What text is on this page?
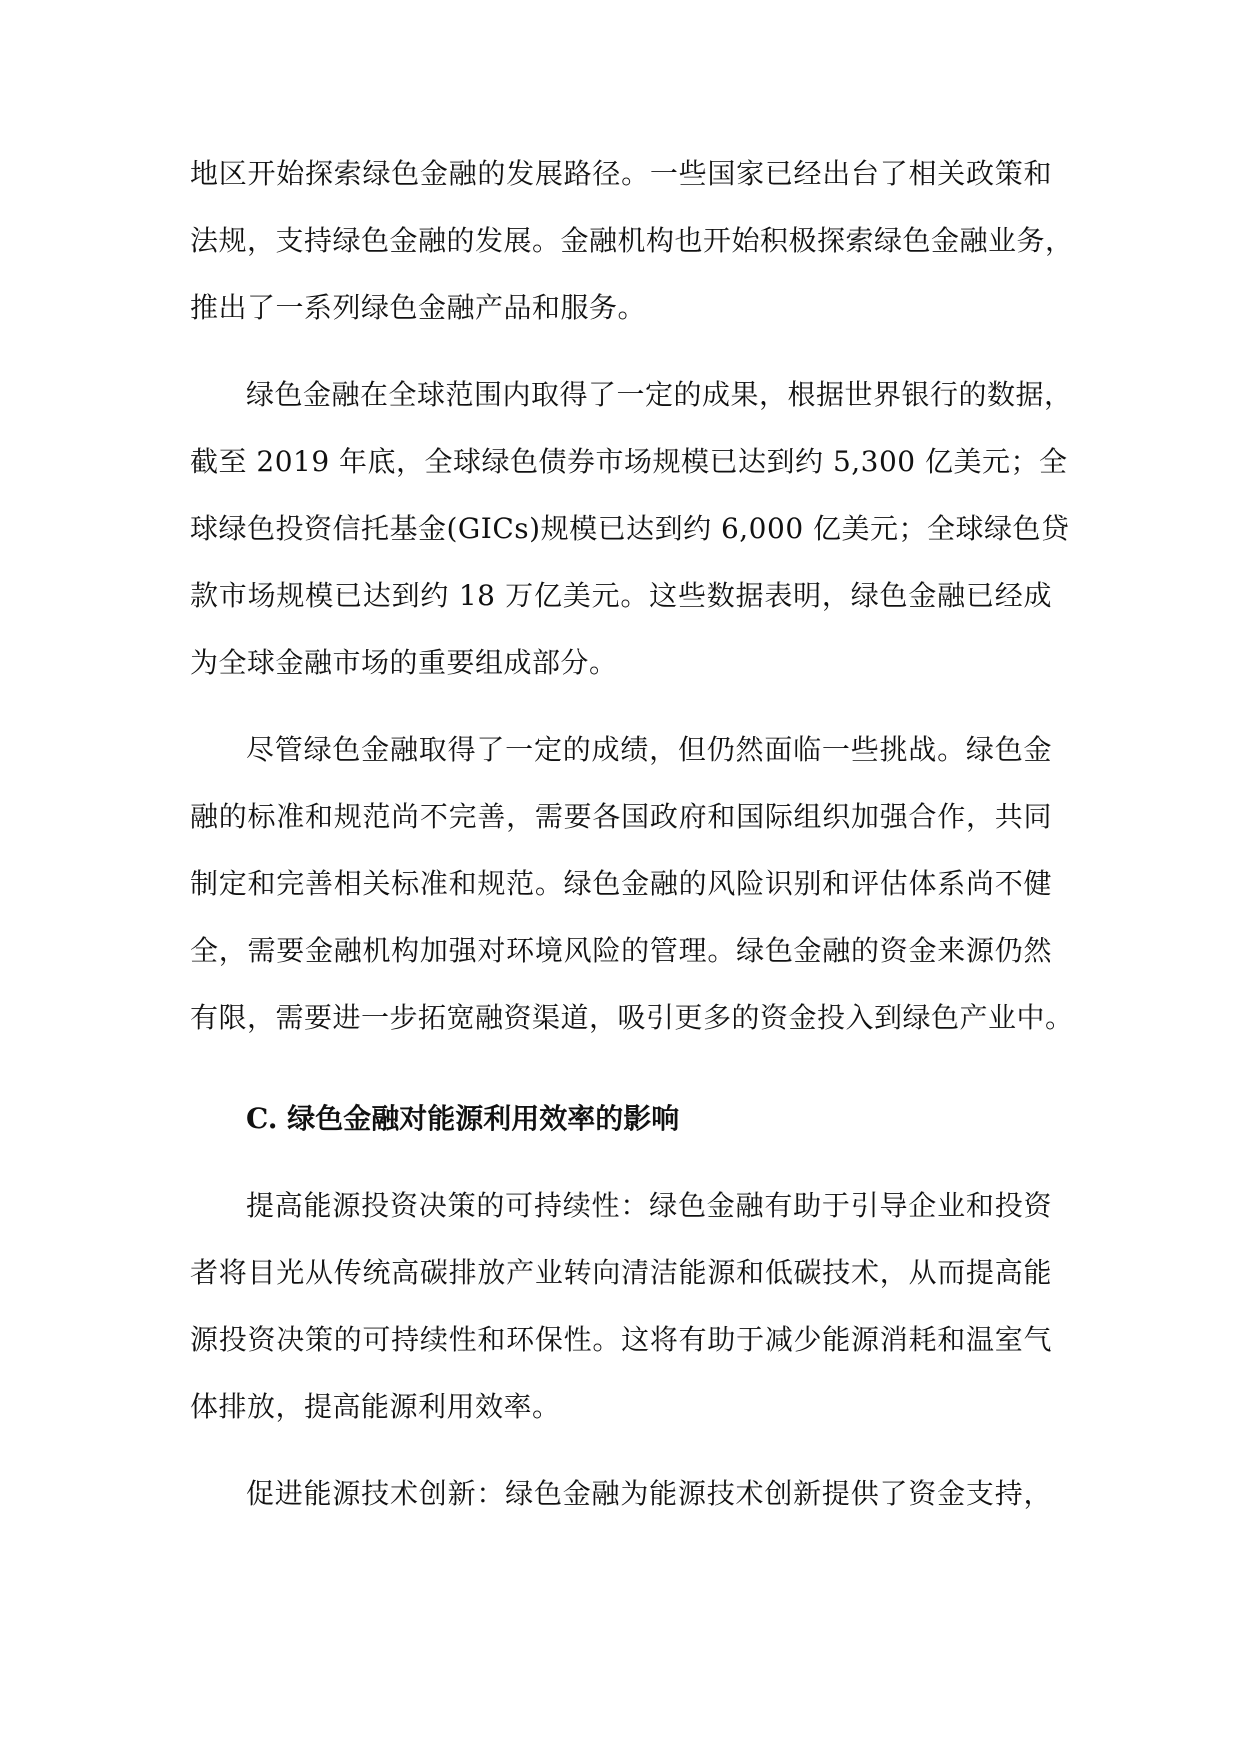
地区开始探索绿色金融的发展路径。一些国家已经出台了相关政策和
法规，支持绿色金融的发展。金融机构也开始积极探索绿色金融业务，
推出了一系列绿色金融产品和服务。
绿色金融在全球范围内取得了一定的成果，根据世界银行的数据，
截至 2019 年底，全球绿色债券市场规模已达到约 5,300 亿美元；全
球绿色投资信托基金(GICs)规模已达到约 6,000 亿美元；全球绿色贷
款市场规模已达到约 18 万亿美元。这些数据表明，绿色金融已经成
为全球金融市场的重要组成部分。
尽管绿色金融取得了一定的成绩，但仍然面临一些挑战。绿色金
融的标准和规范尚不完善，需要各国政府和国际组织加强合作，共同
制定和完善相关标准和规范。绿色金融的风险识别和评估体系尚不健
全，需要金融机构加强对环境风险的管理。绿色金融的资金来源仍然
有限，需要进一步拓宽融资渠道，吸引更多的资金投入到绿色产业中。
C. 绿色金融对能源利用效率的影响
提高能源投资决策的可持续性：绿色金融有助于引导企业和投资
者将目光从传统高碳排放产业转向清洁能源和低碳技术，从而提高能
源投资决策的可持续性和环保性。这将有助于减少能源消耗和温室气
体排放，提高能源利用效率。
促进能源技术创新：绿色金融为能源技术创新提供了资金支持，
